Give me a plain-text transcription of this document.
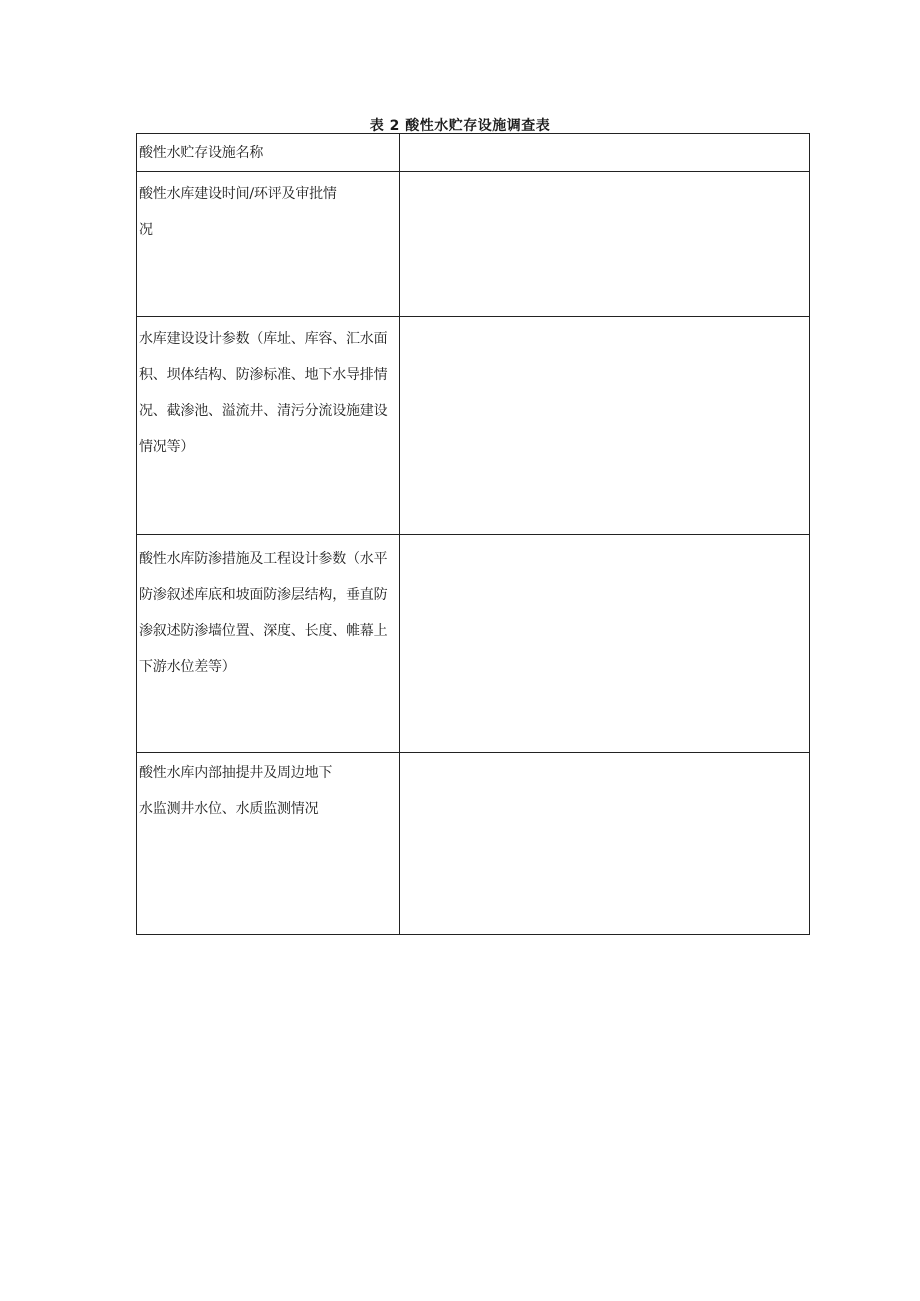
表 2 酸性水贮存设施调查表
酸性水贮存设施名称	

酸性水库建设时间/环评及审批情
况	

水库建设设计参数（库址、库容、汇水面
积、坝体结构、防渗标准、地下水导排情
况、截渗池、溢流井、清污分流设施建设
情况等）	

酸性水库防渗措施及工程设计参数（水平
防渗叙述库底和坡面防渗层结构，垂直防
渗叙述防渗墙位置、深度、长度、帷幕上
下游水位差等）	

酸性水库内部抽提井及周边地下
水监测井水位、水质监测情况	
